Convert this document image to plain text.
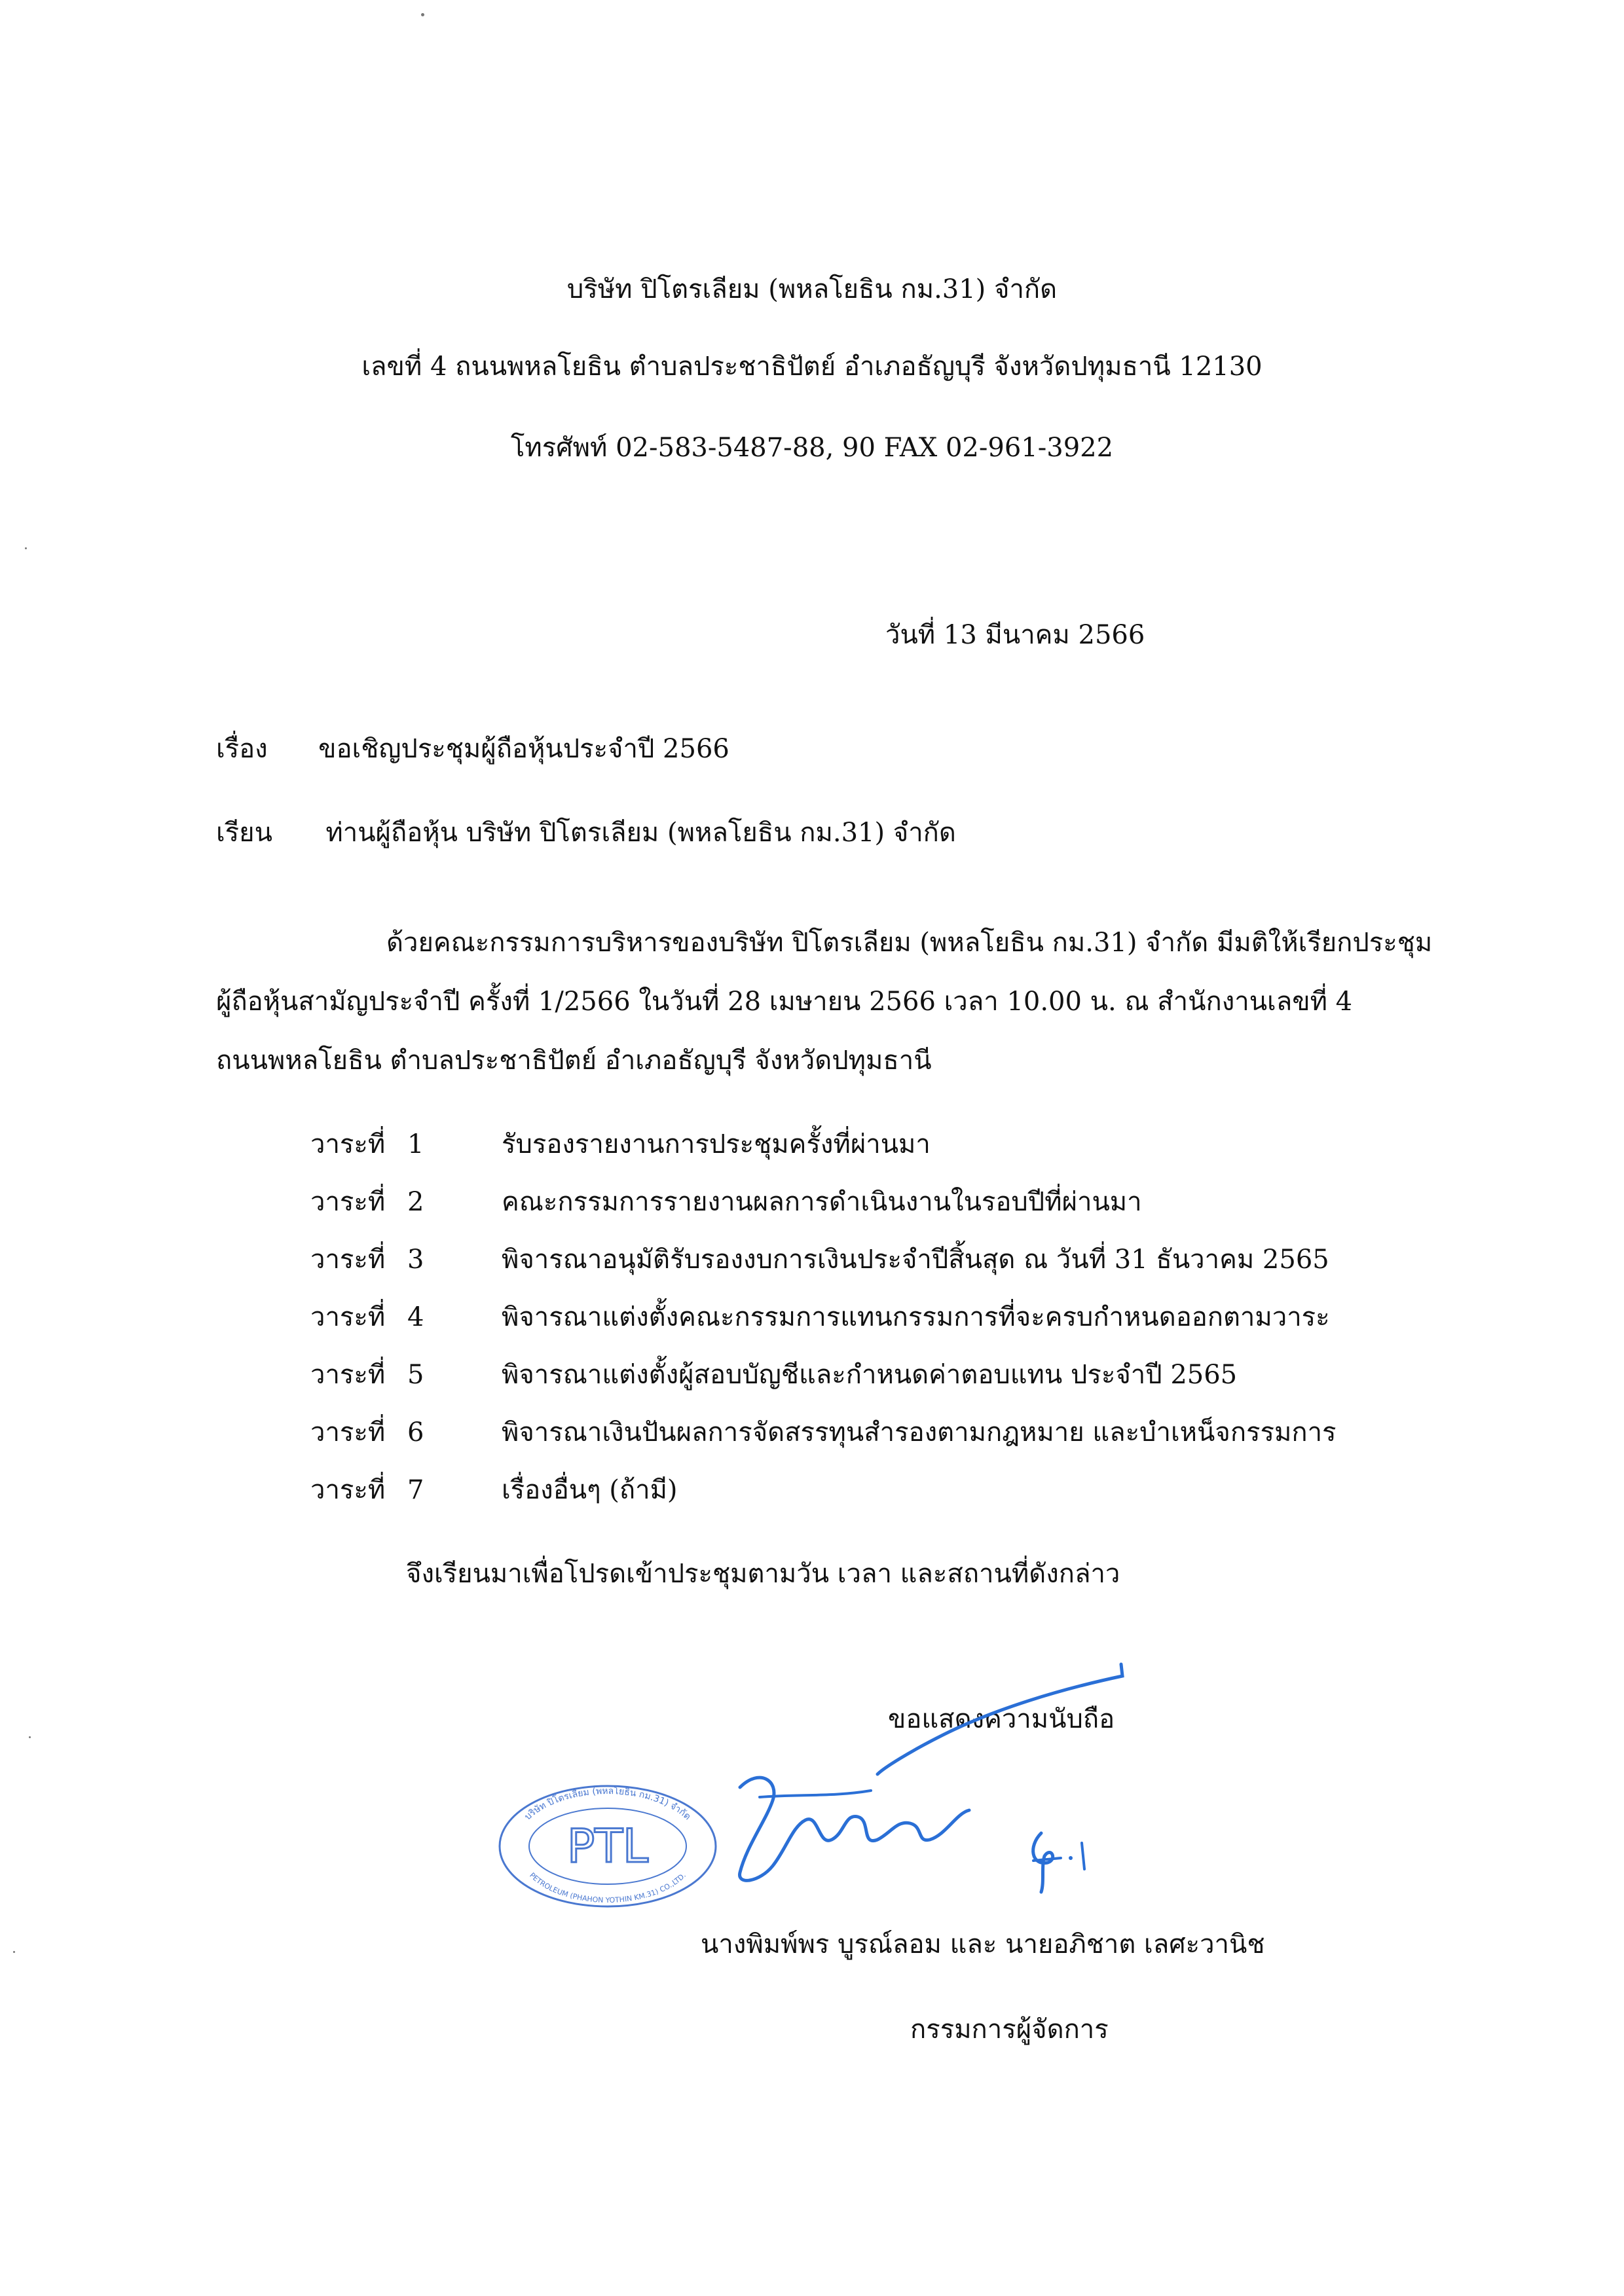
บริษัท ปิโตรเลียม (พหลโยธิน กม.31) จำกัด
เลขที่ 4 ถนนพหลโยธิน ตำบลประชาธิปัตย์ อำเภอธัญบุรี จังหวัดปทุมธานี 12130
โทรศัพท์ 02-583-5487-88, 90 FAX 02-961-3922
วันที่ 13 มีนาคม 2566
เรื่อง ขอเชิญประชุมผู้ถือหุ้นประจำปี 2566
เรียน ท่านผู้ถือหุ้น บริษัท ปิโตรเลียม (พหลโยธิน กม.31) จำกัด
ด้วยคณะกรรมการบริหารของบริษัท ปิโตรเลียม (พหลโยธิน กม.31) จำกัด มีมติให้เรียกประชุม
ผู้ถือหุ้นสามัญประจำปี ครั้งที่ 1/2566 ในวันที่ 28 เมษายน 2566 เวลา 10.00 น. ณ สำนักงานเลขที่ 4
ถนนพหลโยธิน ตำบลประชาธิปัตย์ อำเภอธัญบุรี จังหวัดปทุมธานี
วาระที่ 1	รับรองรายงานการประชุมครั้งที่ผ่านมา
วาระที่ 2	คณะกรรมการรายงานผลการดำเนินงานในรอบปีที่ผ่านมา
วาระที่ 3	พิจารณาอนุมัติรับรองงบการเงินประจำปีสิ้นสุด ณ วันที่ 31 ธันวาคม 2565
วาระที่ 4	พิจารณาแต่งตั้งคณะกรรมการแทนกรรมการที่จะครบกำหนดออกตามวาระ
วาระที่ 5	พิจารณาแต่งตั้งผู้สอบบัญชีและกำหนดค่าตอบแทน ประจำปี 2565
วาระที่ 6	พิจารณาเงินปันผลการจัดสรรทุนสำรองตามกฎหมาย และบำเหน็จกรรมการ
วาระที่ 7	เรื่องอื่นๆ (ถ้ามี)
จึงเรียนมาเพื่อโปรดเข้าประชุมตามวัน เวลา และสถานที่ดังกล่าว
ขอแสดงความนับถือ
บริษัท ปิโตรเลียม (พหลโยธิน กม.31) จำกัด
PETROLEUM (PHAHON YOTHIN KM.31) CO.,LTD.
PTL
นางพิมพ์พร บูรณ์ลอม และ นายอภิชาต เลศะวานิช
กรรมการผู้จัดการ
